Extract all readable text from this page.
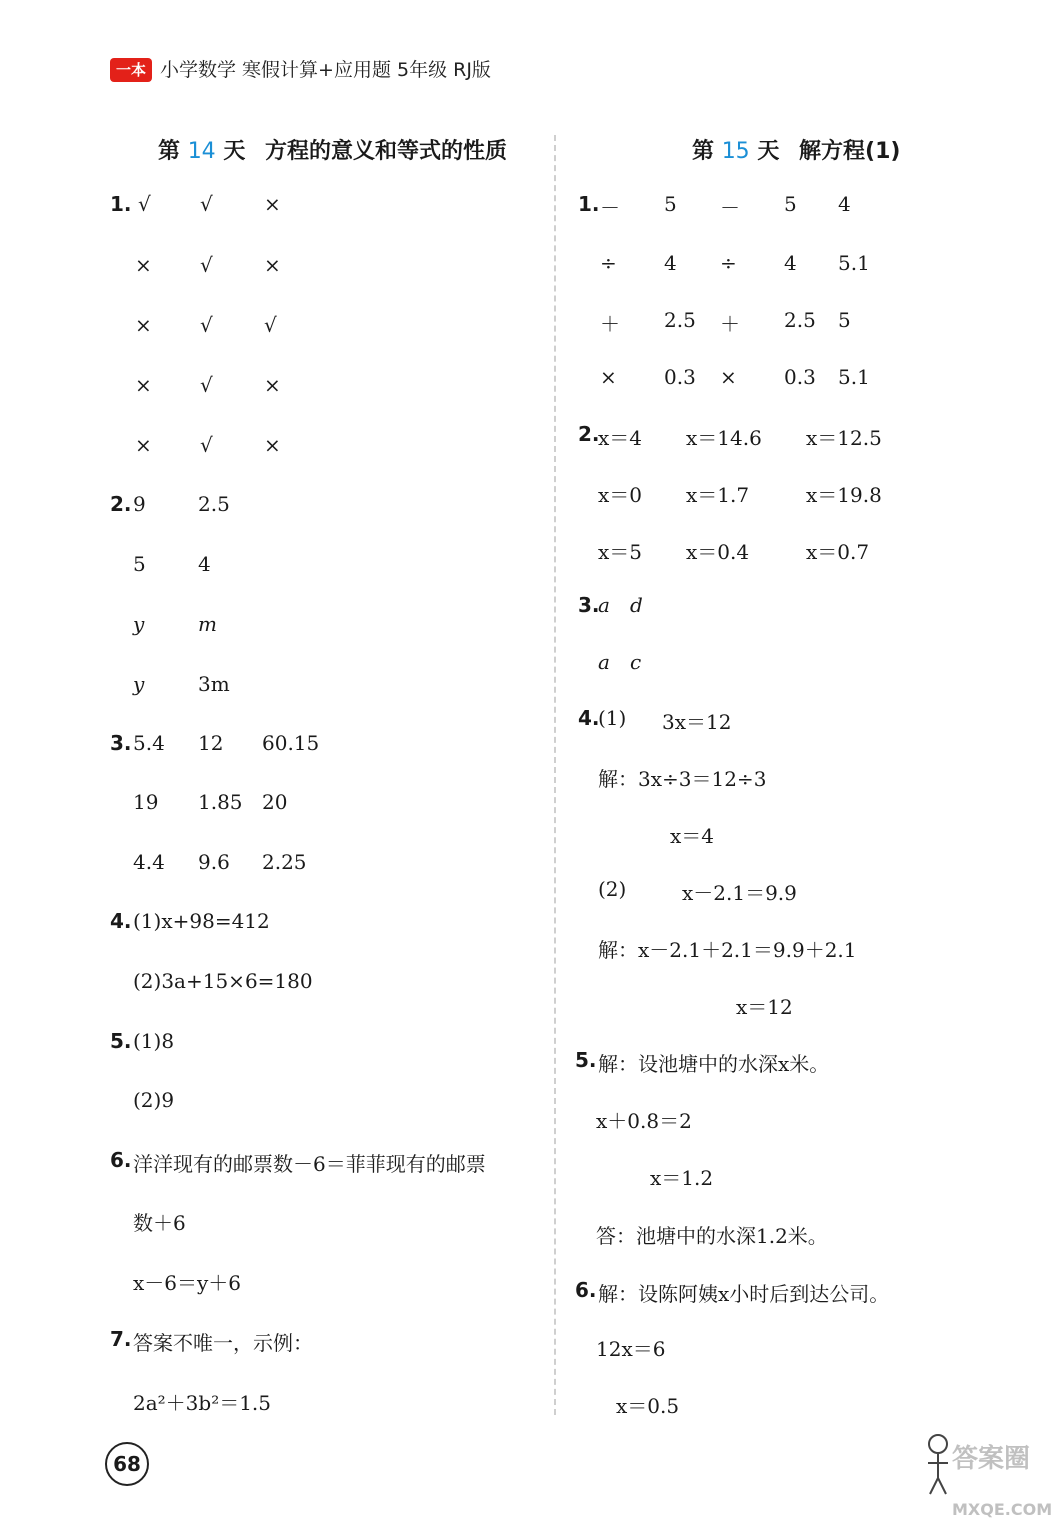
一本 小学数学 寒假计算+应用题 5年级 RJ版
第 14 天 方程的意义和等式的性质
1. √ √	×
× √	×
× √	√
× √	×
× √	×
2. 9	2.5
5	4
y	m
y	3m
3. 5.4 12 60.15
19 1.85 20
4.4 9.6 2.25
4. (1)x+98=412
(2)3a+15×6=180
5. (1)8
(2)9
6. 洋洋现有的邮票数－6＝菲菲现有的邮票
数＋6
x－6＝y＋6
7. 答案不唯一，示例：
2a²＋3b²＝1.5
第 15 天 解方程(1)
1. － 5 － 5 4
÷ 4 ÷ 4 5.1
＋ 2.5 ＋ 2.5 5
× 0.3 × 0.3 5.1
2.
x＝4 x＝14.6 x＝12.5
x＝0 x＝1.7	x＝19.8
x＝5 x＝0.4	x＝0.7
3.
a d
a c
4.
(1) 3x＝12
解：3x÷3＝12÷3
x＝4
(2)	x－2.1＝9.9
解：x－2.1＋2.1＝9.9＋2.1
x＝12
5. 解：设池塘中的水深x米。
x＋0.8＝2
x＝1.2
答：池塘中的水深1.2米。
6. 解：设陈阿姨x小时后到达公司。
12x＝6
x＝0.5
68	答案圈
MXQE.COM
